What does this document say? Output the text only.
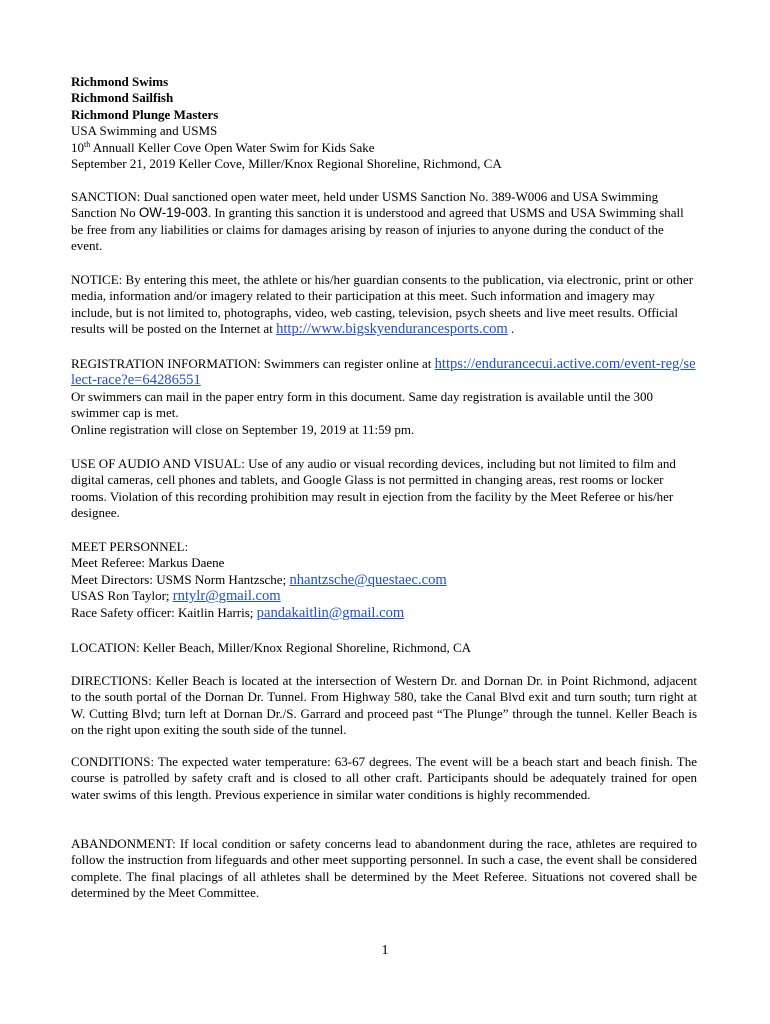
Richmond Swims
Richmond Sailfish
Richmond Plunge Masters
USA Swimming and USMS
10th Annuall Keller Cove Open Water Swim for Kids Sake
September 21, 2019 Keller Cove, Miller/Knox Regional Shoreline, Richmond, CA
SANCTION: Dual sanctioned open water meet, held under USMS Sanction No. 389-W006 and USA Swimming Sanction No OW-19-003. In granting this sanction it is understood and agreed that USMS and USA Swimming shall be free from any liabilities or claims for damages arising by reason of injuries to anyone during the conduct of the event.
NOTICE: By entering this meet, the athlete or his/her guardian consents to the publication, via electronic, print or other media, information and/or imagery related to their participation at this meet. Such information and imagery may include, but is not limited to, photographs, video, web casting, television, psych sheets and live meet results. Official results will be posted on the Internet at http://www.bigskyendurancesports.com .
REGISTRATION INFORMATION: Swimmers can register online at https://endurancecui.active.com/event-reg/select-race?e=64286551
Or swimmers can mail in the paper entry form in this document. Same day registration is available until the 300 swimmer cap is met.
Online registration will close on September 19, 2019 at 11:59 pm.
USE OF AUDIO AND VISUAL: Use of any audio or visual recording devices, including but not limited to film and digital cameras, cell phones and tablets, and Google Glass is not permitted in changing areas, rest rooms or locker rooms. Violation of this recording prohibition may result in ejection from the facility by the Meet Referee or his/her designee.
MEET PERSONNEL:
Meet Referee: Markus Daene
Meet Directors: USMS Norm Hantzsche; nhantzsche@questaec.com
USAS Ron Taylor; rntylr@gmail.com
Race Safety officer: Kaitlin Harris; pandakaitlin@gmail.com
LOCATION: Keller Beach, Miller/Knox Regional Shoreline, Richmond, CA
DIRECTIONS: Keller Beach is located at the intersection of Western Dr. and Dornan Dr. in Point Richmond, adjacent to the south portal of the Dornan Dr. Tunnel. From Highway 580, take the Canal Blvd exit and turn south; turn right at W. Cutting Blvd; turn left at Dornan Dr./S. Garrard and proceed past “The Plunge” through the tunnel. Keller Beach is on the right upon exiting the south side of the tunnel.
CONDITIONS: The expected water temperature: 63-67 degrees. The event will be a beach start and beach finish. The course is patrolled by safety craft and is closed to all other craft. Participants should be adequately trained for open water swims of this length. Previous experience in similar water conditions is highly recommended.
ABANDONMENT: If local condition or safety concerns lead to abandonment during the race, athletes are required to follow the instruction from lifeguards and other meet supporting personnel. In such a case, the event shall be considered complete. The final placings of all athletes shall be determined by the Meet Referee. Situations not covered shall be determined by the Meet Committee.
1
